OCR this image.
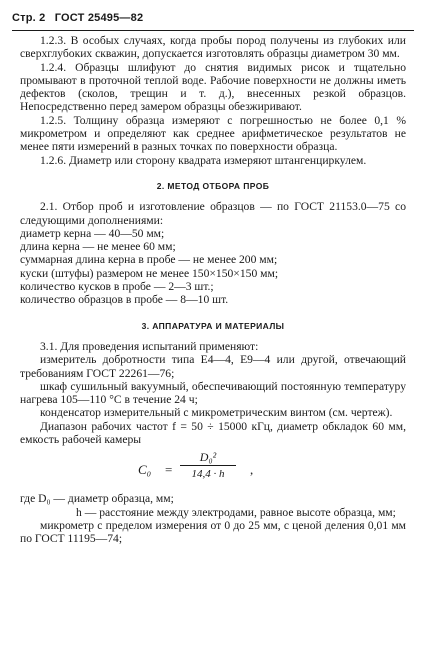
Стр. 2 ГОСТ 25495—82

1.2.3. В особых случаях, когда пробы пород получены из глубоких или сверхглубоких скважин, допускается изготовлять образцы диаметром 30 мм.

1.2.4. Образцы шлифуют до снятия видимых рисок и тщательно промывают в проточной теплой воде. Рабочие поверхности не должны иметь дефектов (сколов, трещин и т. д.), внесенных резкой образцов. Непосредственно перед замером образцы обезжиривают.

1.2.5. Толщину образца измеряют с погрешностью не более 0,1 % микрометром и определяют как среднее арифметическое результатов не менее пяти измерений в разных точках по поверхности образца.

1.2.6. Диаметр или сторону квадрата измеряют штангенциркулем.

2. МЕТОД ОТБОРА ПРОБ

2.1. Отбор проб и изготовление образцов — по ГОСТ 21153.0—75 со следующими дополнениями:

диаметр керна — 40—50 мм;

длина керна — не менее 60 мм;

суммарная длина керна в пробе — не менее 200 мм;

куски (штуфы) размером не менее 150×150×150 мм;

количество кусков в пробе — 2—3 шт.;

количество образцов в пробе — 8—10 шт.

3. АППАРАТУРА И МАТЕРИАЛЫ

3.1. Для проведения испытаний применяют:

измеритель добротности типа Е4—4, Е9—4 или другой, отвечающий требованиям ГОСТ 22261—76;

шкаф сушильный вакуумный, обеспечивающий постоянную температуру нагрева 105—110 °С в течение 24 ч;

конденсатор измерительный с микрометрическим винтом (см. чертеж).

Диапазон рабочих частот f = 50 ÷ 15000 кГц, диаметр обкладок 60 мм, емкость рабочей камеры

C₀ =
D₀²
14,4 · h	,

где D₀ — диаметр образца, мм;

h — расстояние между электродами, равное высоте образца, мм;

микрометр с пределом измерения от 0 до 25 мм, с ценой деления 0,01 мм по ГОСТ 11195—74;
